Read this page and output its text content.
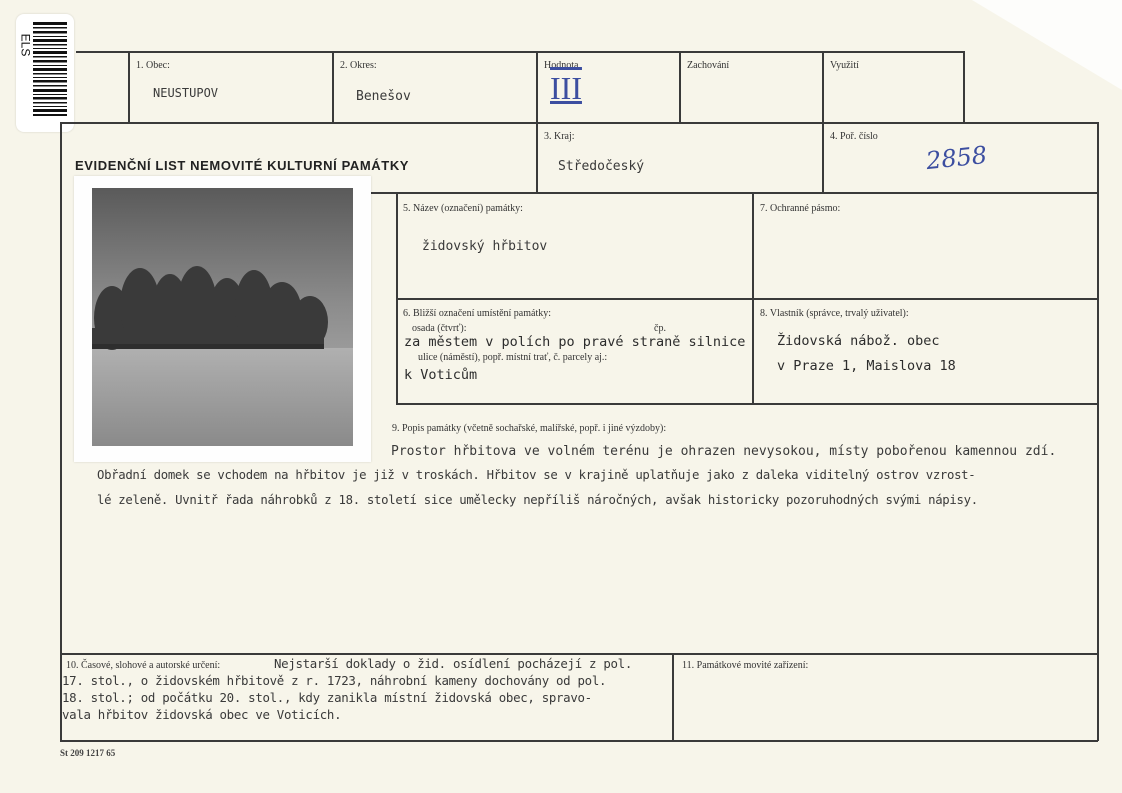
ELS
1. Obec:
NEUSTUPOV
2. Okres:
Benešov
Hodnota
III
Zachování	Využití
EVIDENČNÍ LIST NEMOVITÉ KULTURNÍ PAMÁTKY
3. Kraj:
Středočeský
4. Poř. číslo
2858
5. Název (označení) památky:
židovský hřbitov
7. Ochranné pásmo:
6. Bližší označení umístění památky:
osada (čtvrť):	čp.
za městem v polích po pravé straně silnice
ulice (náměstí), popř. místní trať, č. parcely aj.:
k Voticům
8. Vlastník (správce, trvalý uživatel):
Židovská nábož. obec
v Praze 1, Maislova 18
9. Popis památky (včetně sochařské, malířské, popř. i jiné výzdoby):
Prostor hřbitova ve volném terénu je ohrazen nevysokou, místy pobořenou kamennou zdí.
Obřadní domek se vchodem na hřbitov je již v troskách. Hřbitov se v krajině uplatňuje jako z daleka viditelný ostrov vzrost-
lé zeleně. Uvnitř řada náhrobků z 18. století sice umělecky nepříliš náročných, avšak historicky pozoruhodných svými nápisy.
10. Časové, slohové a autorské určení:	Nejstarší doklady o žid. osídlení pocházejí z pol.
17. stol., o židovském hřbitově z r. 1723, náhrobní kameny dochovány od pol.
18. stol.; od počátku 20. stol., kdy zanikla místní židovská obec, spravo-
vala hřbitov židovská obec ve Voticích.
11. Památkové movité zařízení:
St 209 1217 65
